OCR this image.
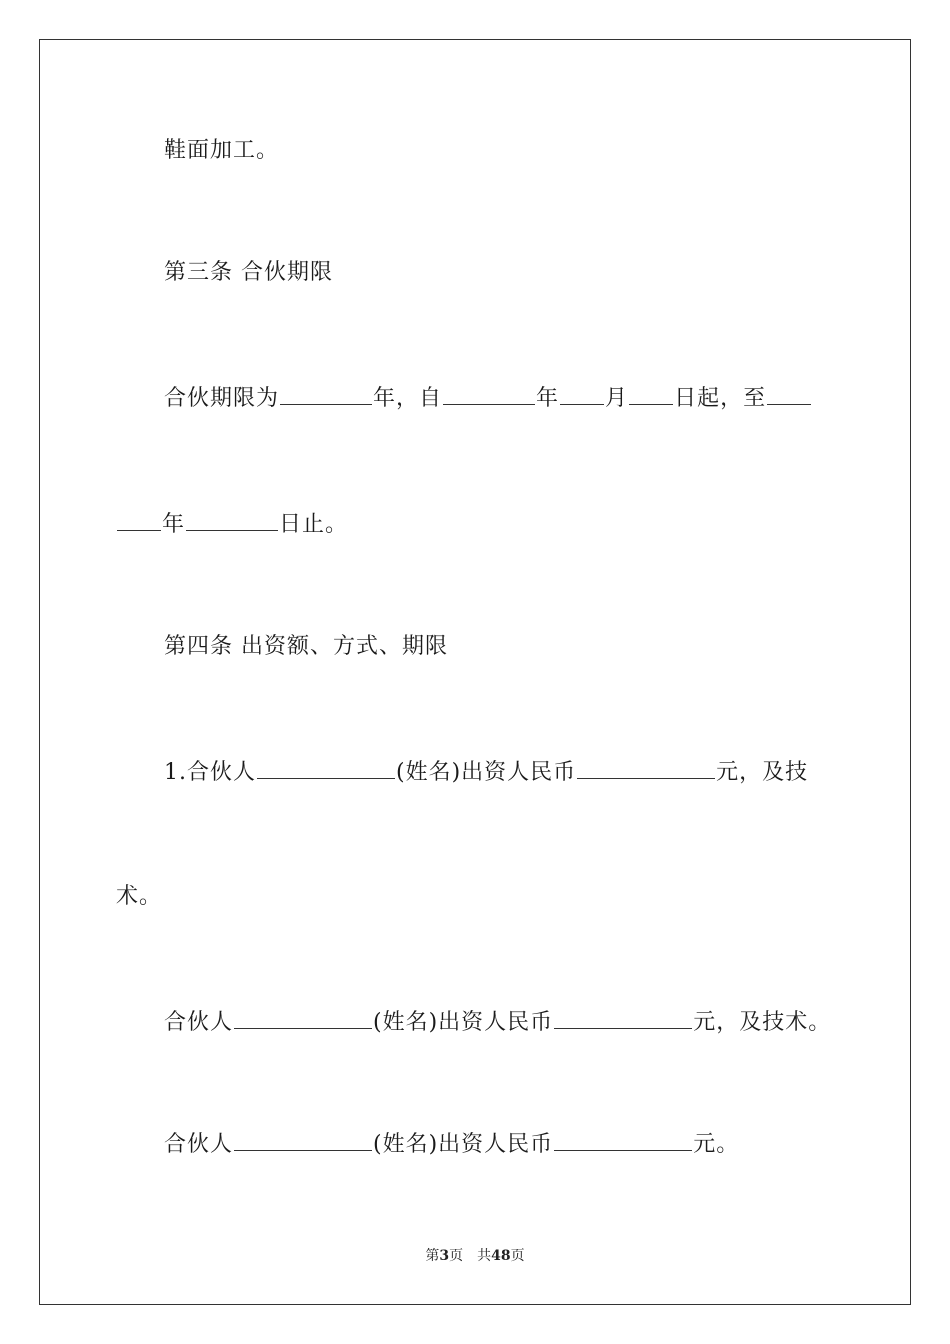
鞋面加工。
第三条 合伙期限
合伙期限为	年，自	年 月 日起，至
年	日止。
第四条 出资额、方式、期限
1.合伙人	(姓名)出资人民币	元，及技
术。
合伙人	(姓名)出资人民币	元，及技术。
合伙人	(姓名)出资人民币	元。
第3页 共48页
